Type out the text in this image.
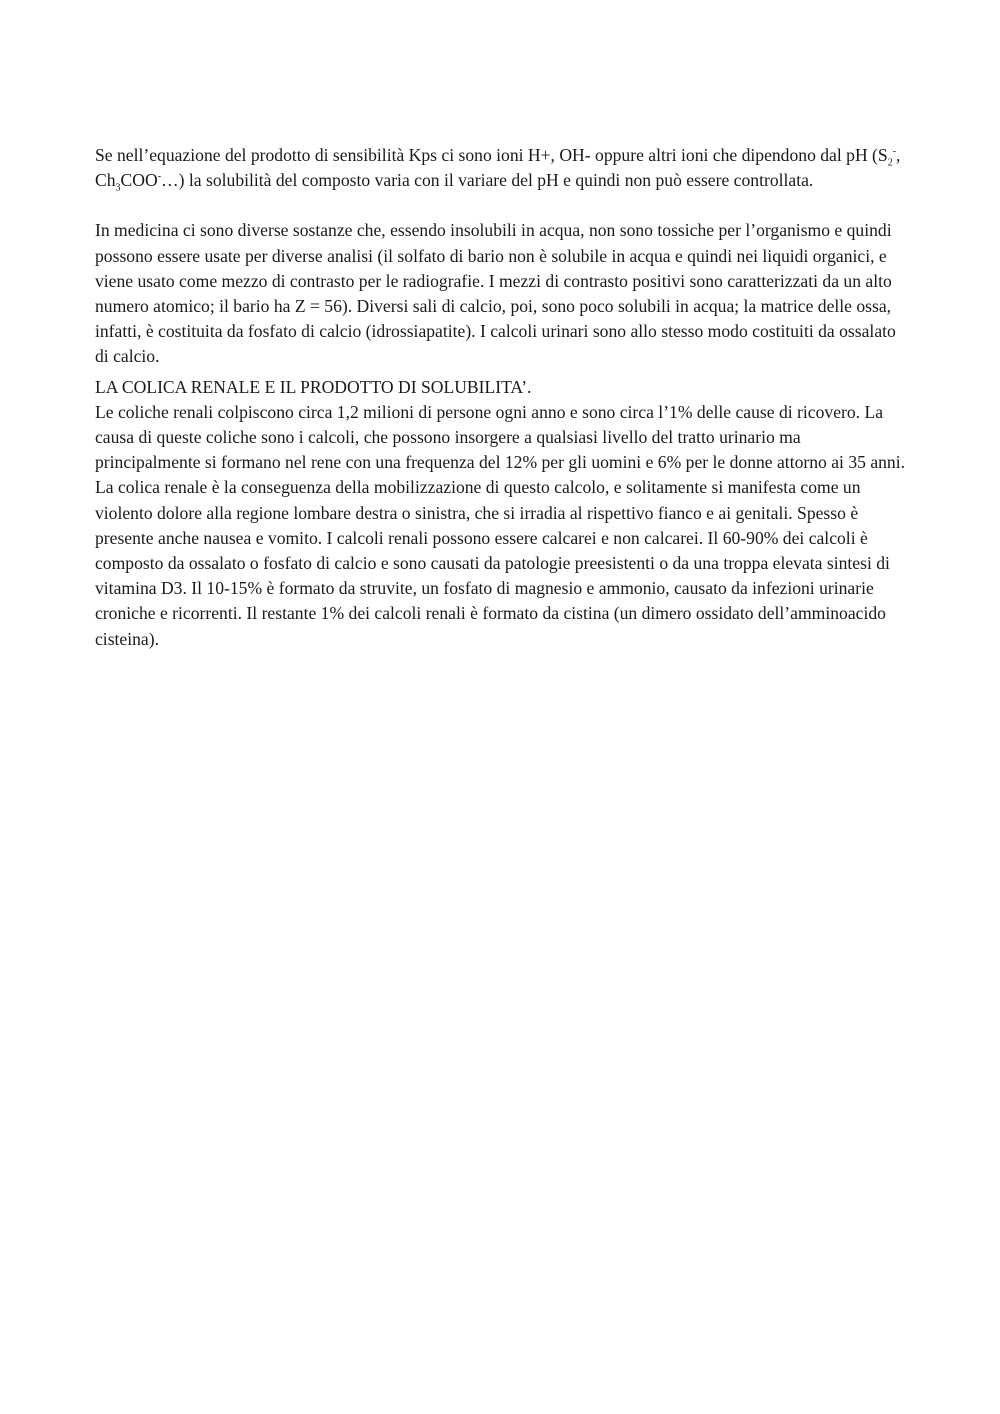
Se nell’equazione del prodotto di sensibilità Kps ci sono ioni H+, OH- oppure altri ioni che dipendono dal pH ($S_2^-$, $Ch_3COO^-\dots$) la solubilità del composto varia con il variare del pH e quindi non può essere controllata.

In medicina ci sono diverse sostanze che, essendo insolubili in acqua, non sono tossiche per l’organismo e quindi possono essere usate per diverse analisi (il solfato di bario non è solubile in acqua e quindi nei liquidi organici, e viene usato come mezzo di contrasto per le radiografie. I mezzi di contrasto positivi sono caratterizzati da un alto numero atomico; il bario ha Z = 56). Diversi sali di calcio, poi, sono poco solubili in acqua; la matrice delle ossa, infatti, è costituita da fosfato di calcio (idrossiapatite). I calcoli urinari sono allo stesso modo costituiti da ossalato di calcio.

LA COLICA RENALE E IL PRODOTTO DI SOLUBILITA’.

Le coliche renali colpiscono circa 1,2 milioni di persone ogni anno e sono circa l’1% delle cause di ricovero. La causa di queste coliche sono i calcoli, che possono insorgere a qualsiasi livello del tratto urinario ma principalmente si formano nel rene con una frequenza del 12% per gli uomini e 6% per le donne attorno ai 35 anni. La colica renale è la conseguenza della mobilizzazione di questo calcolo, e solitamente si manifesta come un violento dolore alla regione lombare destra o sinistra, che si irradia al rispettivo fianco e ai genitali. Spesso è presente anche nausea e vomito. I calcoli renali possono essere calcarei e non calcarei. Il 60-90% dei calcoli è composto da ossalato o fosfato di calcio e sono causati da patologie preesistenti o da una troppa elevata sintesi di vitamina D3. Il 10-15% è formato da struvite, un fosfato di magnesio e ammonio, causato da infezioni urinarie croniche e ricorrenti. Il restante 1% dei calcoli renali è formato da cistina (un dimero ossidato dell’amminoacido cisteina).
